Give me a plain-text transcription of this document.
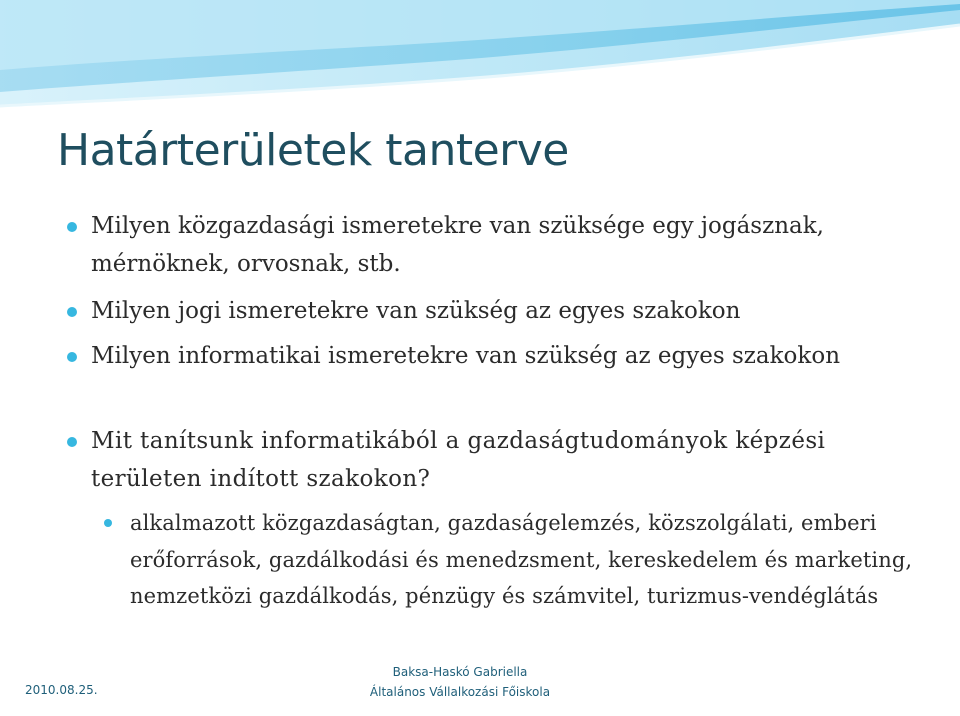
Határterületek tanterve
Milyen közgazdasági ismeretekre van szüksége egy jogásznak, mérnöknek, orvosnak, stb.
Milyen jogi ismeretekre van szükség az egyes szakokon
Milyen informatikai ismeretekre van szükség az egyes szakokon
Mit tanítsunk informatikából a gazdaságtudományok képzési területen indított szakokon?
alkalmazott közgazdaságtan, gazdaságelemzés, közszolgálati, emberi erőforrások, gazdálkodási és menedzsment, kereskedelem és marketing, nemzetközi gazdálkodás, pénzügy és számvitel, turizmus-vendéglátás
2010.08.25.
Baksa-Haskó Gabriella
Általános Vállalkozási Főiskola
